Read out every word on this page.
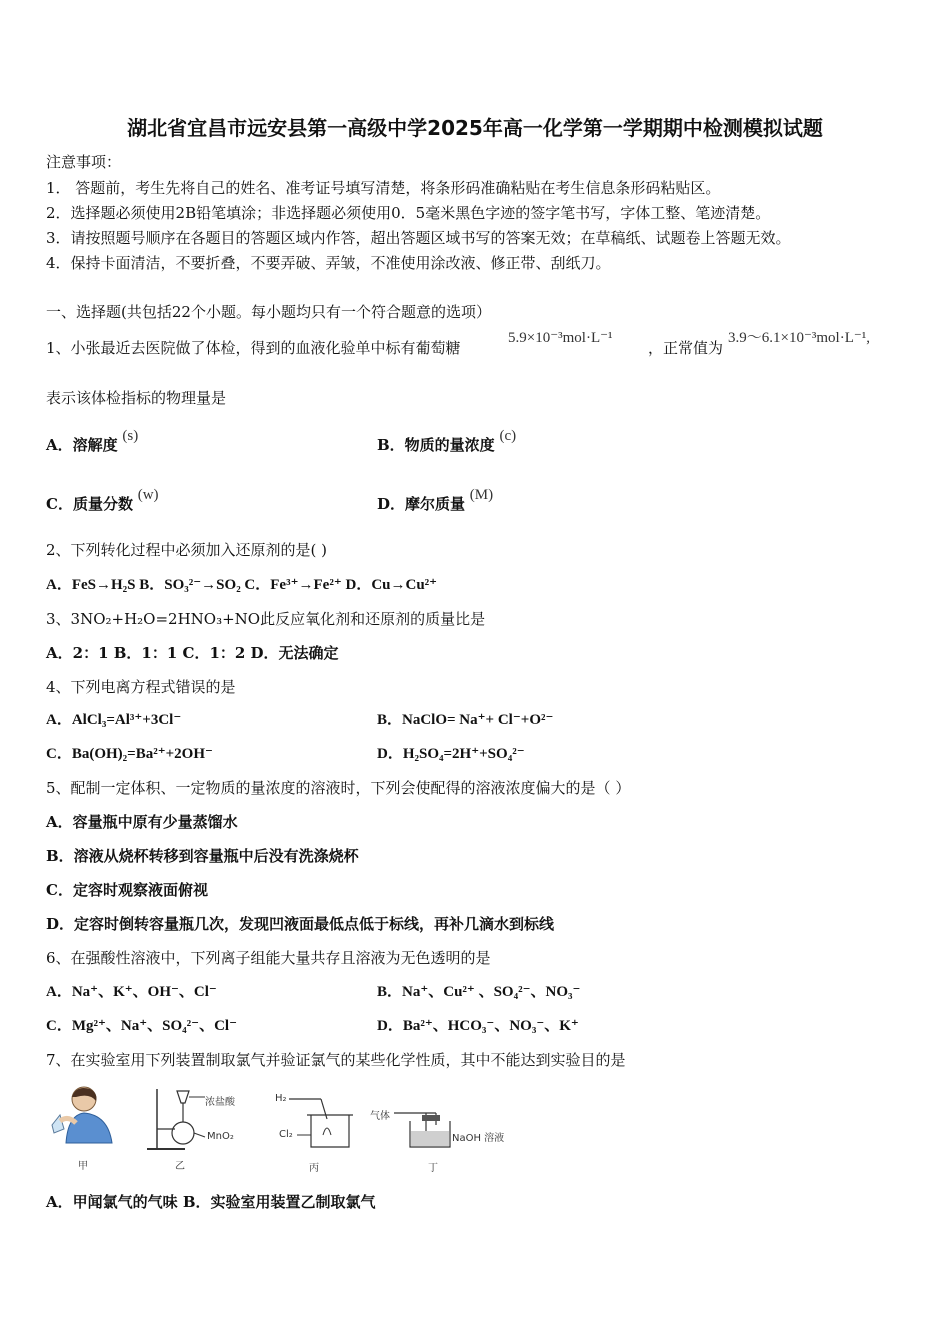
湖北省宜昌市远安县第一高级中学2025年高一化学第一学期期中检测模拟试题
注意事项：
1． 答题前，考生先将自己的姓名、准考证号填写清楚，将条形码准确粘贴在考生信息条形码粘贴区。
2．选择题必须使用2B铅笔填涂；非选择题必须使用0．5毫米黑色字迹的签字笔书写，字体工整、笔迹清楚。
3．请按照题号顺序在各题目的答题区域内作答，超出答题区域书写的答案无效；在草稿纸、试题卷上答题无效。
4．保持卡面清洁，不要折叠，不要弄破、弄皱，不准使用涂改液、修正带、刮纸刀。
一、选择题(共包括22个小题。每小题均只有一个符合题意的选项）
1、小张最近去医院做了体检，得到的血液化验单中标有葡萄糖
5.9×10⁻³mol·L⁻¹
，正常值为
3.9～6.1×10⁻³mol·L⁻¹,
表示该体检指标的物理量是
A．溶解度 (s)	B．物质的量浓度 (c)
C．质量分数 (w)	D．摩尔质量 (M)
2、下列转化过程中必须加入还原剂的是( )
A．FeS→H₂S B．SO₃²⁻→SO₂ C．Fe³⁺→Fe²⁺ D．Cu→Cu²⁺
3、3NO₂+H₂O=2HNO₃+NO此反应氧化剂和还原剂的质量比是
A．2：1 B．1：1 C．1：2 D．无法确定
4、下列电离方程式错误的是
A．AlCl₃=Al³⁺+3Cl⁻	B．NaClO= Na⁺+ Cl⁻+O²⁻
C．Ba(OH)₂=Ba²⁺+2OH⁻	D．H₂SO₄=2H⁺+SO₄²⁻
5、配制一定体积、一定物质的量浓度的溶液时，下列会使配得的溶液浓度偏大的是（ ）
A．容量瓶中原有少量蒸馏水
B．溶液从烧杯转移到容量瓶中后没有洗涤烧杯
C．定容时观察液面俯视
D．定容时倒转容量瓶几次，发现凹液面最低点低于标线，再补几滴水到标线
6、在强酸性溶液中，下列离子组能大量共存且溶液为无色透明的是
A．Na⁺、K⁺、OH⁻、Cl⁻	B．Na⁺、Cu²⁺ 、SO₄²⁻、NO₃⁻
C．Mg²⁺、Na⁺、SO₄²⁻、Cl⁻	D．Ba²⁺、HCO₃⁻、NO₃⁻、K⁺
7、在实验室用下列装置制取氯气并验证氯气的某些化学性质，其中不能达到实验目的是
甲
浓盐酸
MnO₂
乙
H₂
Cl₂
丙
气体
NaOH 溶液
丁
A．甲闻氯气的气味 B．实验室用装置乙制取氯气
